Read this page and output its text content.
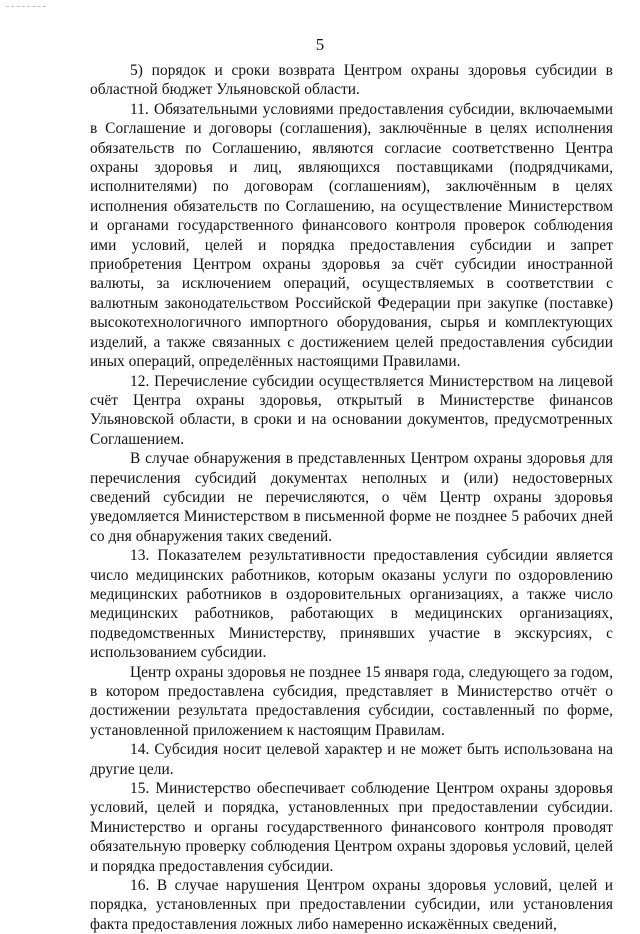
5

5) порядок и сроки возврата Центром охраны здоровья субсидии в областной бюджет Ульяновской области.

11. Обязательными условиями предоставления субсидии, включаемыми в Соглашение и договоры (соглашения), заключённые в целях исполнения обязательств по Соглашению, являются согласие соответственно Центра охраны здоровья и лиц, являющихся поставщиками (подрядчиками, исполнителями) по договорам (соглашениям), заключённым в целях исполнения обязательств по Соглашению, на осуществление Министерством и органами государственного финансового контроля проверок соблюдения ими условий, целей и порядка предоставления субсидии и запрет приобретения Центром охраны здоровья за счёт субсидии иностранной валюты, за исключением операций, осуществляемых в соответствии с валютным законодательством Российской Федерации при закупке (поставке) высокотехнологичного импортного оборудования, сырья и комплектующих изделий, а также связанных с достижением целей предоставления субсидии иных операций, определённых настоящими Правилами.

12. Перечисление субсидии осуществляется Министерством на лицевой счёт Центра охраны здоровья, открытый в Министерстве финансов Ульяновской области, в сроки и на основании документов, предусмотренных Соглашением.

В случае обнаружения в представленных Центром охраны здоровья для перечисления субсидий документах неполных и (или) недостоверных сведений субсидии не перечисляются, о чём Центр охраны здоровья уведомляется Министерством в письменной форме не позднее 5 рабочих дней со дня обнаружения таких сведений.

13. Показателем результативности предоставления субсидии является число медицинских работников, которым оказаны услуги по оздоровлению медицинских работников в оздоровительных организациях, а также число медицинских работников, работающих в медицинских организациях, подведомственных Министерству, принявших участие в экскурсиях, с использованием субсидии.

Центр охраны здоровья не позднее 15 января года, следующего за годом, в котором предоставлена субсидия, представляет в Министерство отчёт о достижении результата предоставления субсидии, составленный по форме, установленной приложением к настоящим Правилам.

14. Субсидия носит целевой характер и не может быть использована на другие цели.

15. Министерство обеспечивает соблюдение Центром охраны здоровья условий, целей и порядка, установленных при предоставлении субсидии. Министерство и органы государственного финансового контроля проводят обязательную проверку соблюдения Центром охраны здоровья условий, целей и порядка предоставления субсидии.

16. В случае нарушения Центром охраны здоровья условий, целей и порядка, установленных при предоставлении субсидии, или установления факта предоставления ложных либо намеренно искажённых сведений,
